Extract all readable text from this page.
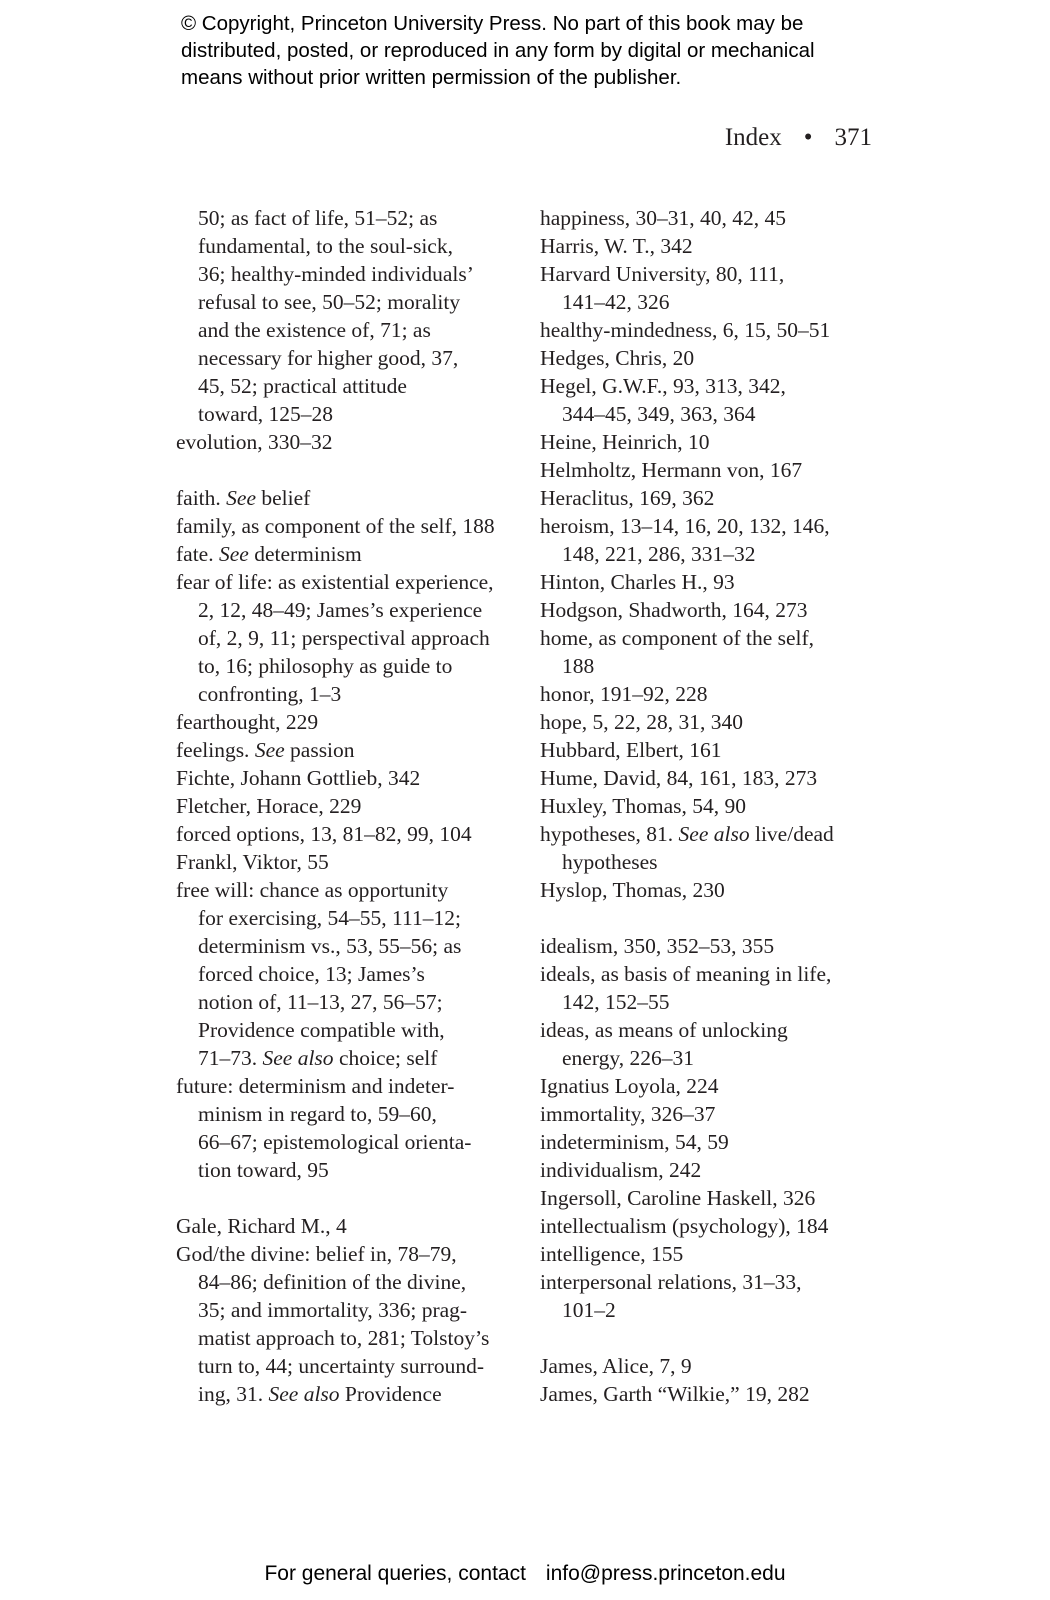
© Copyright, Princeton University Press. No part of this book may be
distributed, posted, or reproduced in any form by digital or mechanical
means without prior written permission of the publisher.
Index • 371
50; as fact of life, 51–52; as
fundamental, to the soul-sick,
36; healthy-minded individuals’
refusal to see, 50–52; morality
and the existence of, 71; as
necessary for higher good, 37,
45, 52; practical attitude
toward, 125–28
evolution, 330–32
faith. See belief
family, as component of the self, 188
fate. See determinism
fear of life: as existential experience,
2, 12, 48–49; James’s experience
of, 2, 9, 11; perspectival approach
to, 16; philosophy as guide to
confronting, 1–3
fearthought, 229
feelings. See passion
Fichte, Johann Gottlieb, 342
Fletcher, Horace, 229
forced options, 13, 81–82, 99, 104
Frankl, Viktor, 55
free will: chance as opportunity
for exercising, 54–55, 111–12;
determinism vs., 53, 55–56; as
forced choice, 13; James’s
notion of, 11–13, 27, 56–57;
Providence compatible with,
71–73. See also choice; self
future: determinism and indeter-
minism in regard to, 59–60,
66–67; epistemological orienta-
tion toward, 95
Gale, Richard M., 4
God/the divine: belief in, 78–79,
84–86; definition of the divine,
35; and immortality, 336; prag-
matist approach to, 281; Tolstoy’s
turn to, 44; uncertainty surround-
ing, 31. See also Providence
happiness, 30–31, 40, 42, 45
Harris, W. T., 342
Harvard University, 80, 111,
141–42, 326
healthy-mindedness, 6, 15, 50–51
Hedges, Chris, 20
Hegel, G.W.F., 93, 313, 342,
344–45, 349, 363, 364
Heine, Heinrich, 10
Helmholtz, Hermann von, 167
Heraclitus, 169, 362
heroism, 13–14, 16, 20, 132, 146,
148, 221, 286, 331–32
Hinton, Charles H., 93
Hodgson, Shadworth, 164, 273
home, as component of the self,
188
honor, 191–92, 228
hope, 5, 22, 28, 31, 340
Hubbard, Elbert, 161
Hume, David, 84, 161, 183, 273
Huxley, Thomas, 54, 90
hypotheses, 81. See also live/dead
hypotheses
Hyslop, Thomas, 230
idealism, 350, 352–53, 355
ideals, as basis of meaning in life,
142, 152–55
ideas, as means of unlocking
energy, 226–31
Ignatius Loyola, 224
immortality, 326–37
indeterminism, 54, 59
individualism, 242
Ingersoll, Caroline Haskell, 326
intellectualism (psychology), 184
intelligence, 155
interpersonal relations, 31–33,
101–2
James, Alice, 7, 9
James, Garth “Wilkie,” 19, 282
For general queries, contact info@press.princeton.edu
